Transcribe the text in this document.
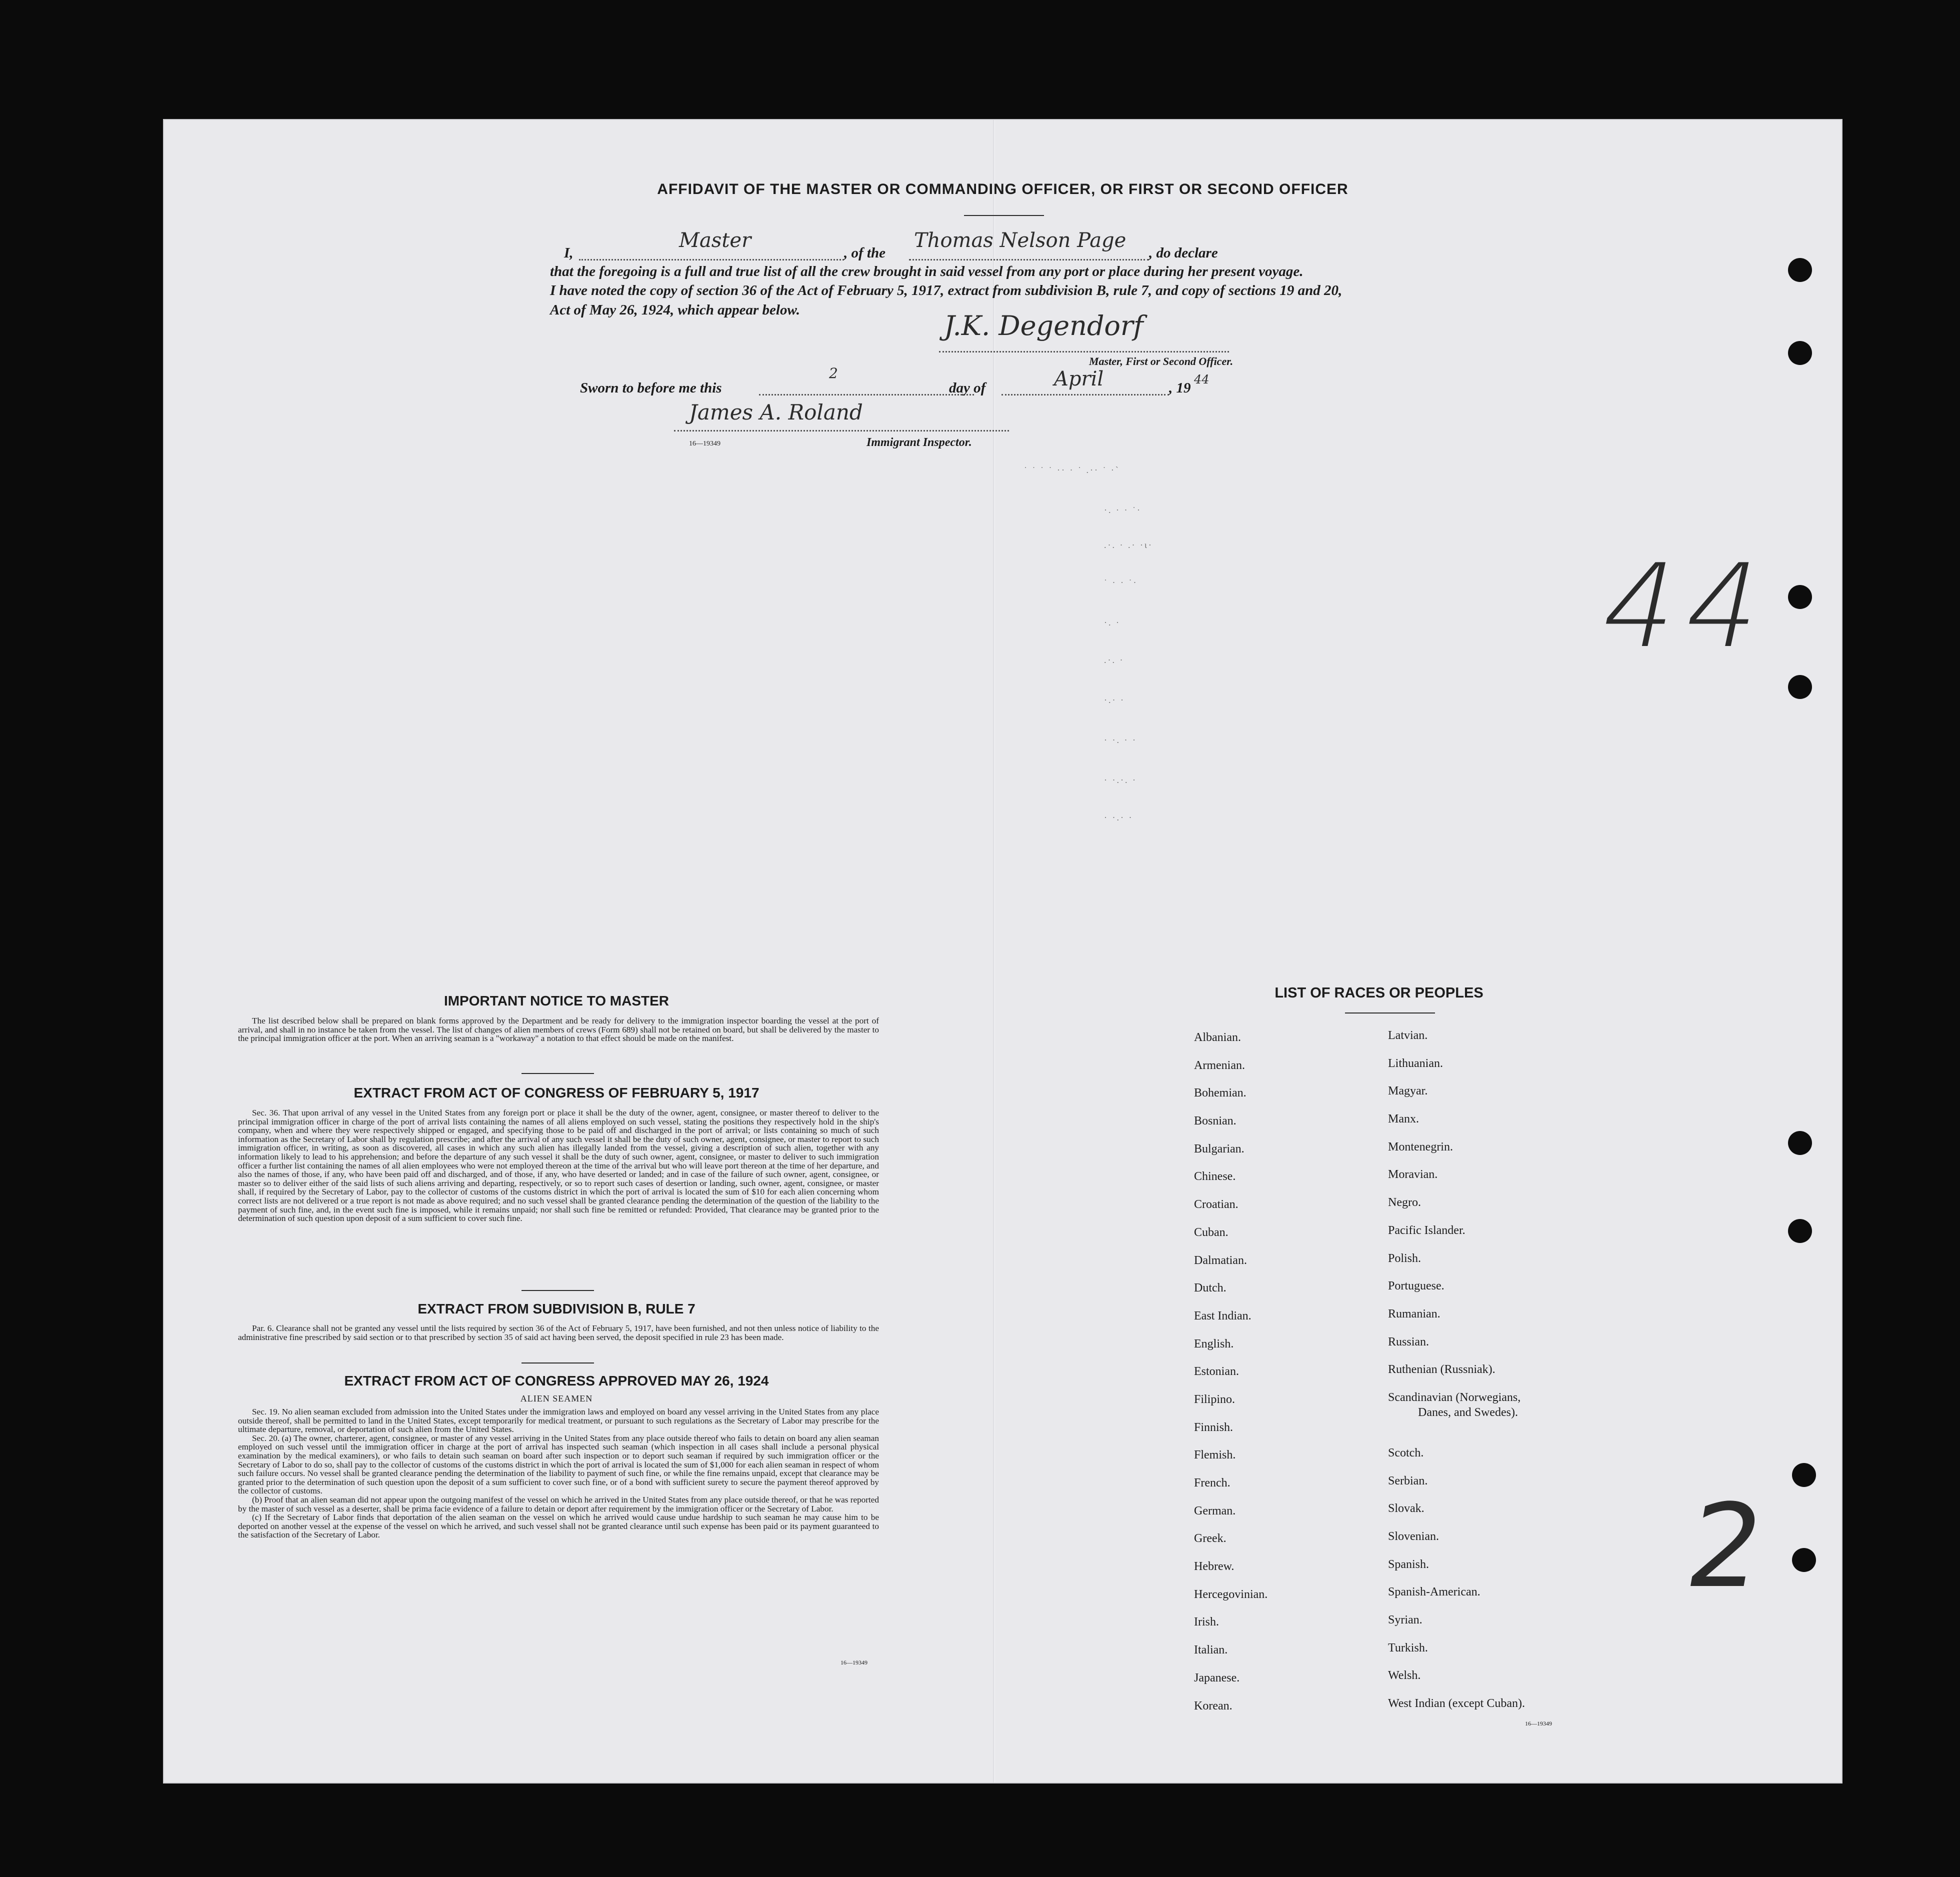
AFFIDAVIT OF THE MASTER OR COMMANDING OFFICER, OR FIRST OR SECOND OFFICER
I,
Master
, of the
Thomas Nelson Page
, do declare
that the foregoing is a full and true list of all the crew brought in said vessel from any port or place during her present voyage.
I have noted the copy of section 36 of the Act of February 5, 1917, extract from subdivision B, rule 7, and copy of sections 19 and 20,
Act of May 26, 1924, which appear below.	J.K. Degendorf
Master, First or Second Officer.
Sworn to before me this
2
day of	April	, 19
44
James A. Roland
16—19349	Immigrant Inspector.
˙ ˙ ˙ ˙ ·· · ˙ .·· ˙ ·ˋ
·. · · ˙·
.·. · .· ·ι·
˙ · · ˙·
·. ·
.·. ·
·.· ·
· ·. · ·
· ·.·. ·
· ·.· ·
44
2
IMPORTANT NOTICE TO MASTER

The list described below shall be prepared on blank forms approved by the Department and be ready for delivery to the immigration inspector boarding the vessel at the port of arrival, and shall in no instance be taken from the vessel. The list of changes of alien members of crews (Form 689) shall not be retained on board, but shall be delivered by the master to the principal immigration officer at the port. When an arriving seaman is a "workaway" a notation to that effect should be made on the manifest.

EXTRACT FROM ACT OF CONGRESS OF FEBRUARY 5, 1917

Sec. 36. That upon arrival of any vessel in the United States from any foreign port or place it shall be the duty of the owner, agent, consignee, or master thereof to deliver to the principal immigration officer in charge of the port of arrival lists containing the names of all aliens employed on such vessel, stating the positions they respectively hold in the ship's company, when and where they were respectively shipped or engaged, and specifying those to be paid off and discharged in the port of arrival; or lists containing so much of such information as the Secretary of Labor shall by regulation prescribe; and after the arrival of any such vessel it shall be the duty of such owner, agent, consignee, or master to report to such immigration officer, in writing, as soon as discovered, all cases in which any such alien has illegally landed from the vessel, giving a description of such alien, together with any information likely to lead to his apprehension; and before the departure of any such vessel it shall be the duty of such owner, agent, consignee, or master to deliver to such immigration officer a further list containing the names of all alien employees who were not employed thereon at the time of the arrival but who will leave port thereon at the time of her departure, and also the names of those, if any, who have been paid off and discharged, and of those, if any, who have deserted or landed; and in case of the failure of such owner, agent, consignee, or master so to deliver either of the said lists of such aliens arriving and departing, respectively, or so to report such cases of desertion or landing, such owner, agent, consignee, or master shall, if required by the Secretary of Labor, pay to the collector of customs of the customs district in which the port of arrival is located the sum of $10 for each alien concerning whom correct lists are not delivered or a true report is not made as above required; and no such vessel shall be granted clearance pending the determination of the question of the liability to the payment of such fine, and, in the event such fine is imposed, while it remains unpaid; nor shall such fine be remitted or refunded: Provided, That clearance may be granted prior to the determination of such question upon deposit of a sum sufficient to cover such fine.

EXTRACT FROM SUBDIVISION B, RULE 7

Par. 6. Clearance shall not be granted any vessel until the lists required by section 36 of the Act of February 5, 1917, have been furnished, and not then unless notice of liability to the administrative fine prescribed by said section or to that prescribed by section 35 of said act having been served, the deposit specified in rule 23 has been made.

EXTRACT FROM ACT OF CONGRESS APPROVED MAY 26, 1924
ALIEN SEAMEN

Sec. 19. No alien seaman excluded from admission into the United States under the immigration laws and employed on board any vessel arriving in the United States from any place outside thereof, shall be permitted to land in the United States, except temporarily for medical treatment, or pursuant to such regulations as the Secretary of Labor may prescribe for the ultimate departure, removal, or deportation of such alien from the United States.

Sec. 20. (a) The owner, charterer, agent, consignee, or master of any vessel arriving in the United States from any place outside thereof who fails to detain on board any alien seaman employed on such vessel until the immigration officer in charge at the port of arrival has inspected such seaman (which inspection in all cases shall include a personal physical examination by the medical examiners), or who fails to detain such seaman on board after such inspection or to deport such seaman if required by such immigration officer or the Secretary of Labor to do so, shall pay to the collector of customs of the customs district in which the port of arrival is located the sum of $1,000 for each alien seaman in respect of whom such failure occurs. No vessel shall be granted clearance pending the determination of the liability to payment of such fine, or while the fine remains unpaid, except that clearance may be granted prior to the determination of such question upon the deposit of a sum sufficient to cover such fine, or of a bond with sufficient surety to secure the payment thereof approved by the collector of customs.

(b) Proof that an alien seaman did not appear upon the outgoing manifest of the vessel on which he arrived in the United States from any place outside thereof, or that he was reported by the master of such vessel as a deserter, shall be prima facie evidence of a failure to detain or deport after requirement by the immigration officer or the Secretary of Labor.

(c) If the Secretary of Labor finds that deportation of the alien seaman on the vessel on which he arrived would cause undue hardship to such seaman he may cause him to be deported on another vessel at the expense of the vessel on which he arrived, and such vessel shall not be granted clearance until such expense has been paid or its payment guaranteed to the satisfaction of the Secretary of Labor.

16—19349
LIST OF RACES OR PEOPLES
Albanian.
Armenian.
Bohemian.
Bosnian.
Bulgarian.
Chinese.
Croatian.
Cuban.
Dalmatian.
Dutch.
East Indian.
English.
Estonian.
Filipino.
Finnish.
Flemish.
French.
German.
Greek.
Hebrew.
Hercegovinian.
Irish.
Italian.
Japanese.
Korean.
Latvian.
Lithuanian.
Magyar.
Manx.
Montenegrin.
Moravian.
Negro.
Pacific Islander.
Polish.
Portuguese.
Rumanian.
Russian.
Ruthenian (Russniak).
Scandinavian (Norwegians,
Danes, and Swedes).
Scotch.
Serbian.
Slovak.
Slovenian.
Spanish.
Spanish-American.
Syrian.
Turkish.
Welsh.
West Indian (except Cuban).
16—19349
